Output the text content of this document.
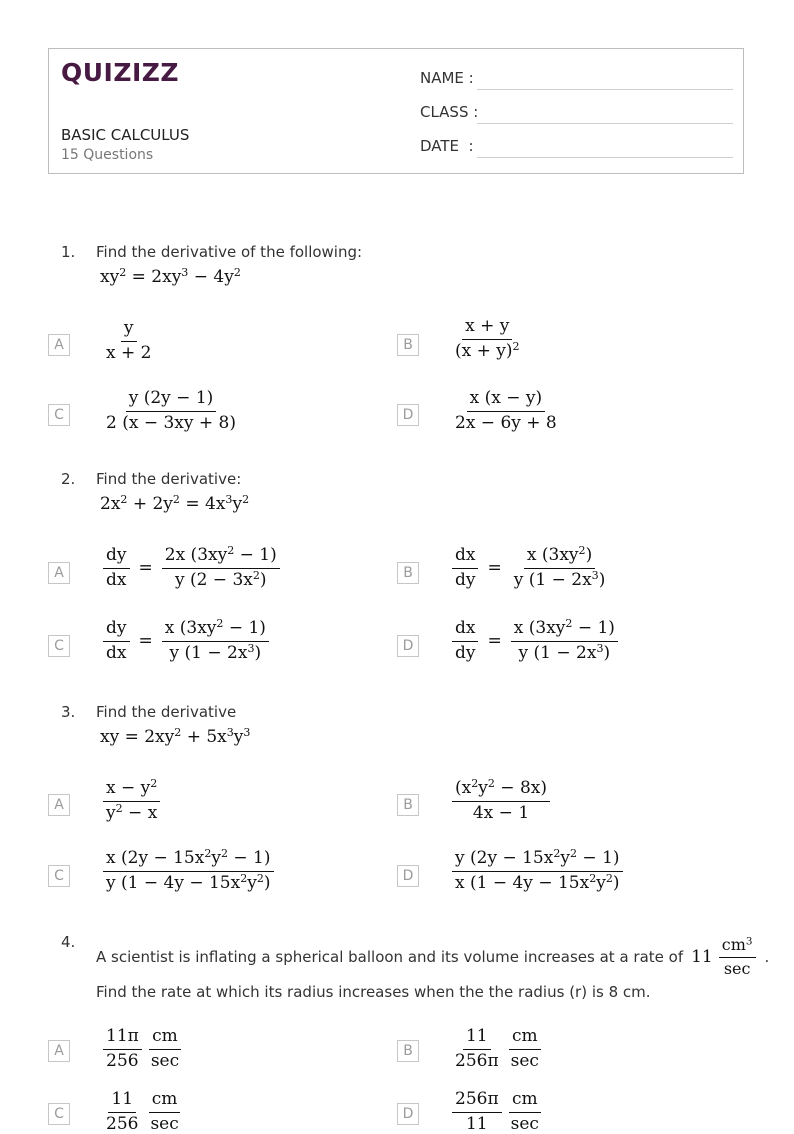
QUIZIZZ
BASIC CALCULUS
15 Questions
NAME :
CLASS :
DATE  :
1. Find the derivative of the following:
$xy^2 = 2xy^3 - 4y^2$
A	$\frac{y}{x + 2}$	B	$\frac{x + y}{(x + y)^2}$
C	$\frac{y (2y - 1)}{2 (x - 3xy + 8)}$	D	$\frac{x (x - y)}{2x - 6y + 8}$
2. Find the derivative:
$2x^2 + 2y^2 = 4x^3y^2$
A	$\frac{dy}{dx} = \frac{2x (3xy^2 - 1)}{y (2 - 3x^2)}$	B	$\frac{dx}{dy} = \frac{x (3xy^2)}{y (1 - 2x^3)}$
C	$\frac{dy}{dx} = \frac{x (3xy^2 - 1)}{y (1 - 2x^3)}$	D	$\frac{dx}{dy} = \frac{x (3xy^2 - 1)}{y (1 - 2x^3)}$
3. Find the derivative
xy = $2xy^2 + 5x^3y^3$
A	$\frac{x - y^2}{y^2 - x}$	B	$\frac{(x^2y^2 - 8x)}{4x - 1}$
C	$\frac{x (2y - 15x^2y^2 - 1)}{y (1 - 4y - 15x^2y^2)}$	D	$\frac{y (2y - 15x^2y^2 - 1)}{x (1 - 4y - 15x^2y^2)}$
4.
A scientist is inflating a spherical balloon and its volume increases at a rate of $11 \frac{cm^3}{\sec}$ .
Find the rate at which its radius increases when the the radius (r) is 8 cm.
A	$\frac{11\pi}{256} \frac{cm}{\sec}$	B	$\frac{11}{256\pi} \frac{cm}{\sec}$
C	$\frac{11}{256} \frac{cm}{\sec}$	D	$\frac{256\pi}{11} \frac{cm}{\sec}$
